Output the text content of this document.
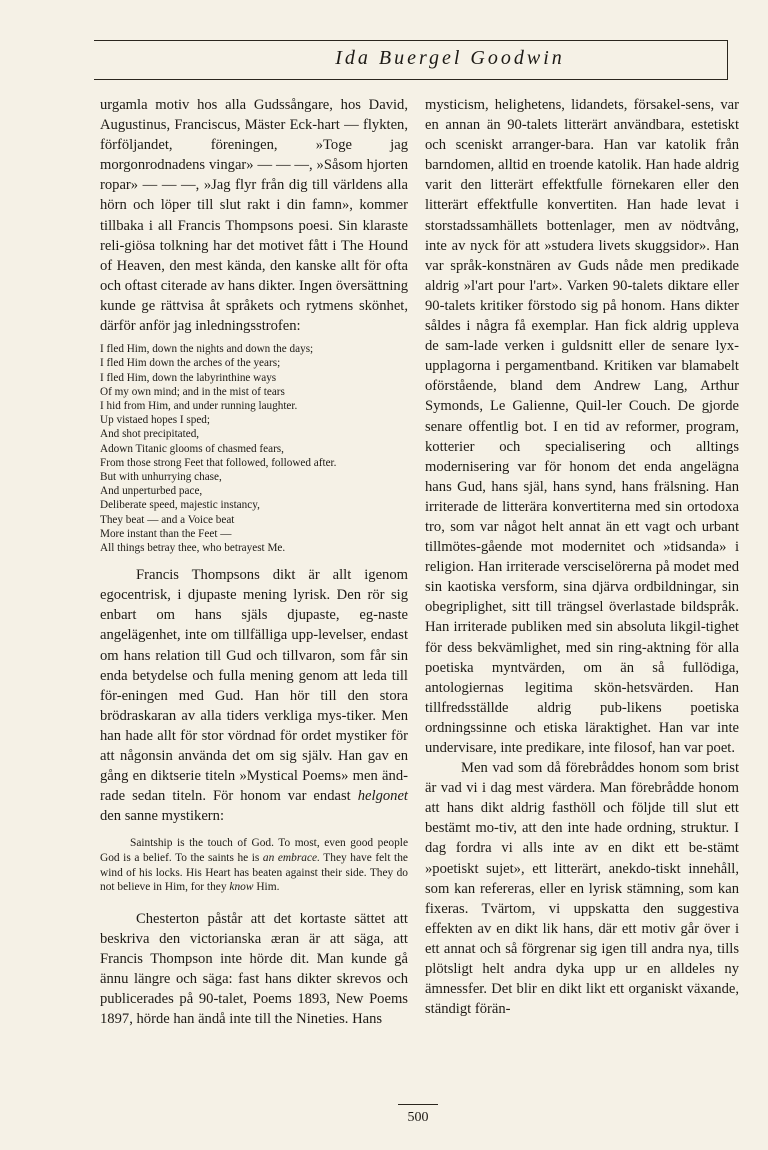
Ida Buergel Goodwin

urgamla motiv hos alla Gudssångare, hos David, Augustinus, Franciscus, Mäster Eck-hart — flykten, förföljandet, föreningen, »Toge jag morgonrodnadens vingar» — — —, »Såsom hjorten ropar» — — —, »Jag flyr från dig till världens alla hörn och löper till slut rakt i din famn», kommer tillbaka i all Francis Thompsons poesi. Sin klaraste reli-giösa tolkning har det motivet fått i The Hound of Heaven, den mest kända, den kanske allt för ofta och oftast citerade av hans dikter. Ingen översättning kunde ge rättvisa åt språkets och rytmens skönhet, därför anför jag inledningsstrofen:

I fled Him, down the nights and down the days;
I fled Him down the arches of the years;
I fled Him, down the labyrinthine ways
Of my own mind; and in the mist of tears
I hid from Him, and under running laughter.
Up vistaed hopes I sped;
And shot precipitated,
Adown Titanic glooms of chasmed fears,
From those strong Feet that followed, followed after.
But with unhurrying chase,
And unperturbed pace,
Deliberate speed, majestic instancy,
They beat — and a Voice beat
More instant than the Feet —
All things betray thee, who betrayest Me.

Francis Thompsons dikt är allt igenom egocentrisk, i djupaste mening lyrisk. Den rör sig enbart om hans själs djupaste, eg-naste angelägenhet, inte om tillfälliga upp-levelser, endast om hans relation till Gud och tillvaron, som får sin enda betydelse och fulla mening genom att leda till för-eningen med Gud. Han hör till den stora brödraskaran av alla tiders verkliga mys-tiker. Men han hade allt för stor vördnad för ordet mystiker för att någonsin använda det om sig själv. Han gav en gång en diktserie titeln »Mystical Poems» men änd-rade sedan titeln. För honom var endast helgonet den sanne mystikern:

Saintship is the touch of God. To most, even good people God is a belief. To the saints he is an embrace. They have felt the wind of his locks. His Heart has beaten against their side. They do not believe in Him, for they know Him.

Chesterton påstår att det kortaste sättet att beskriva den victorianska æran är att säga, att Francis Thompson inte hörde dit. Man kunde gå ännu längre och säga: fast hans dikter skrevos och publicerades på 90-talet, Poems 1893, New Poems 1897, hörde han ändå inte till the Nineties. Hans

mysticism, helighetens, lidandets, försakel-sens, var en annan än 90-talets litterärt användbara, estetiskt och sceniskt arranger-bara. Han var katolik från barndomen, alltid en troende katolik. Han hade aldrig varit den litterärt effektfulle förnekaren eller den litterärt effektfulle konvertiten. Han hade levat i storstadssamhällets bottenlager, men av nödtvång, inte av nyck för att »studera livets skuggsidor». Han var språk-konstnären av Guds nåde men predikade aldrig »l'art pour l'art». Varken 90-talets diktare eller 90-talets kritiker förstodo sig på honom. Hans dikter såldes i några få exemplar. Han fick aldrig uppleva de sam-lade verken i guldsnitt eller de senare lyx-upplagorna i pergamentband. Kritiken var blamabelt oförstående, bland dem Andrew Lang, Arthur Symonds, Le Galienne, Quil-ler Couch. De gjorde senare offentlig bot. I en tid av reformer, program, kotterier och specialisering och alltings modernisering var för honom det enda angelägna hans Gud, hans själ, hans synd, hans frälsning. Han irriterade de litterära konvertiterna med sin ortodoxa tro, som var något helt annat än ett vagt och urbant tillmötes-gående mot modernitet och »tidsanda» i religion. Han irriterade versciselörerna på modet med sin kaotiska versform, sina djärva ordbildningar, sin obegriplighet, sitt till trängsel överlastade bildspråk. Han irriterade publiken med sin absoluta likgil-tighet för dess bekvämlighet, med sin ring-aktning för alla poetiska myntvärden, om än så fullödiga, antologiernas legitima skön-hetsvärden. Han tillfredsställde aldrig pub-likens poetiska ordningssinne och etiska läraktighet. Han var inte undervisare, inte predikare, inte filosof, han var poet.

Men vad som då förebråddes honom som brist är vad vi i dag mest värdera. Man förebrådde honom att hans dikt aldrig fasthöll och följde till slut ett bestämt mo-tiv, att den inte hade ordning, struktur. I dag fordra vi alls inte av en dikt ett be-stämt »poetiskt sujet», ett litterärt, anekdo-tiskt innehåll, som kan refereras, eller en lyrisk stämning, som kan fixeras. Tvärtom, vi uppskatta den suggestiva effekten av en dikt lik hans, där ett motiv går över i ett annat och så förgrenar sig igen till andra nya, tills plötsligt helt andra dyka upp ur en alldeles ny ämnessfer. Det blir en dikt likt ett organiskt växande, ständigt förän-

500
